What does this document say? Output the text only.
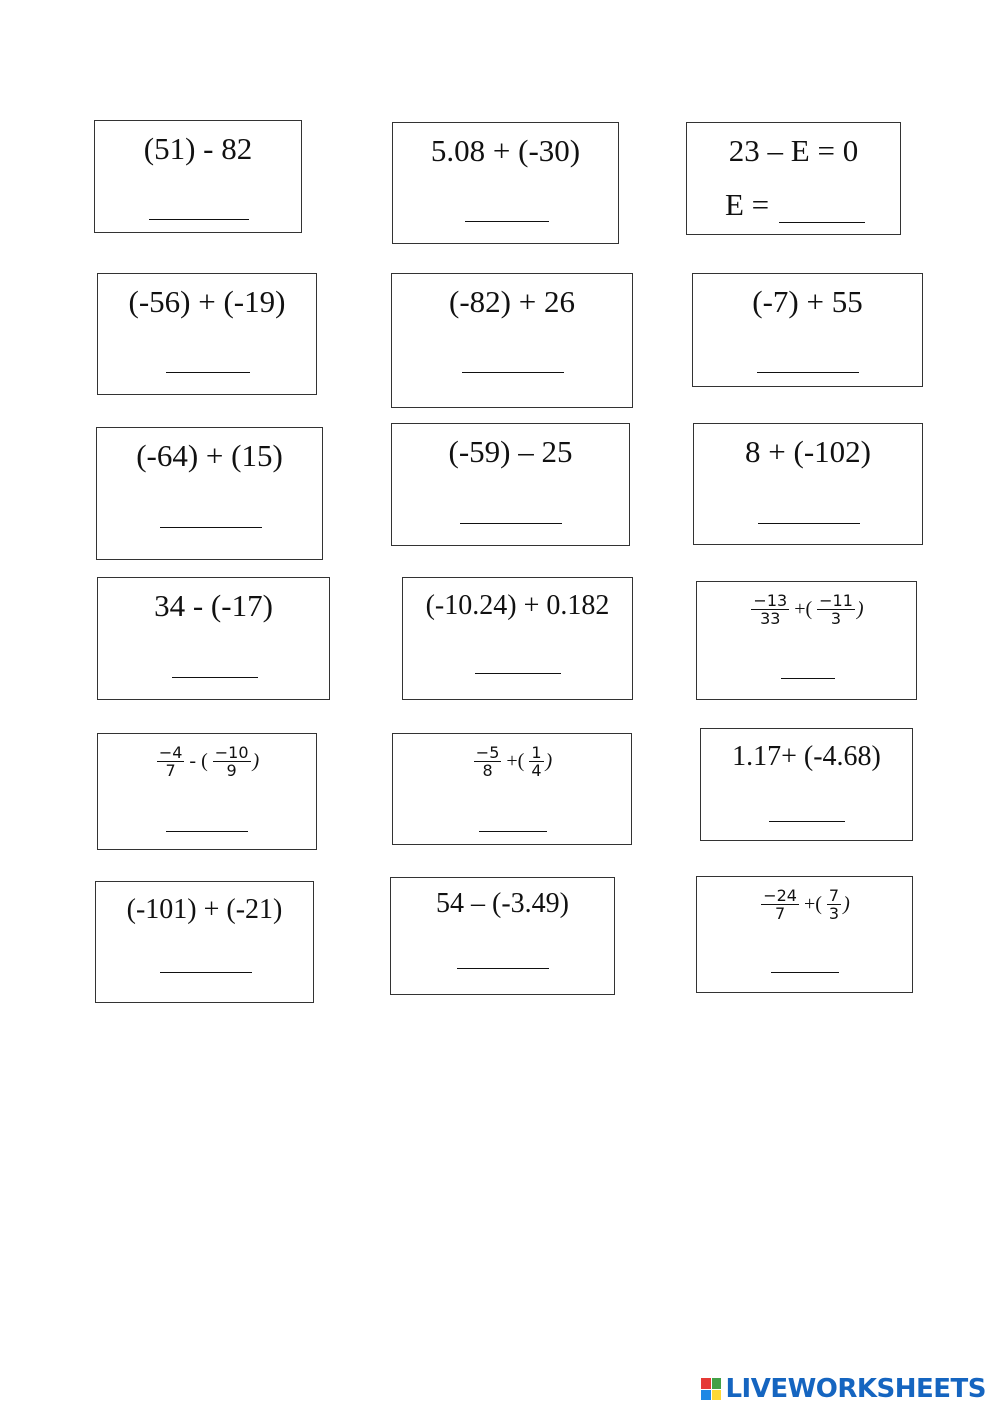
(51) - 82	5.08 + (-30)	23 – E = 0
E =
(-56) + (-19)	(-82) + 26	(-7) + 55
(-64) + (15)	(-59) – 25	8 + (-102)
34 - (-17)	(-10.24) + 0.182	$\frac{-13}{33}$ +( $\frac{-11}{3}$ )
$\frac{-4}{7}$ - ( $\frac{-10}{9}$ )	$\frac{-5}{8}$ +( $\frac{1}{4}$ )	1.17+ (-4.68)
(-101) + (-21)	54 – (-3.49)	$\frac{-24}{7}$ +( $\frac{7}{3}$ )
LIVEWORKSHEETS
